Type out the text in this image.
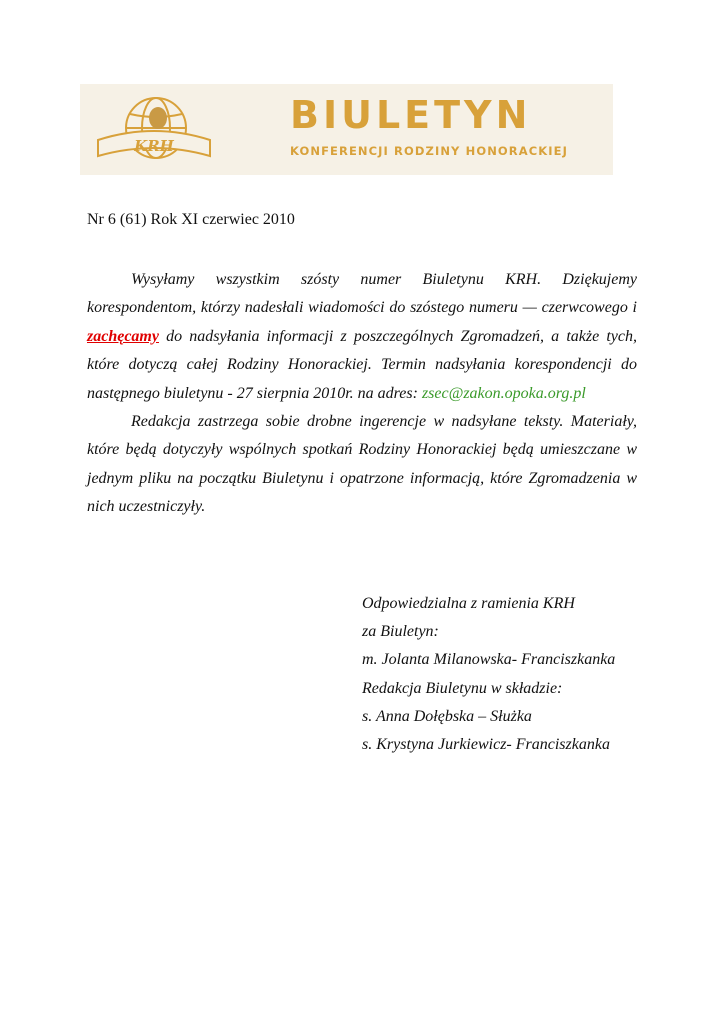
KRH
BIULETYN
KONFERENCJI RODZINY HONORACKIEJ
Nr 6 (61) Rok XI czerwiec 2010

Wysyłamy wszystkim szósty numer Biuletynu KRH. Dziękujemy korespondentom, którzy nadesłali wiadomości do szóstego numeru — czerwcowego i zachęcamy do nadsyłania informacji z poszczególnych Zgromadzeń, a także tych, które dotyczą całej Rodziny Honorackiej. Termin nadsyłania korespondencji do następnego biuletynu - 27 sierpnia 2010r. na adres: zsec@zakon.opoka.org.pl

Redakcja zastrzega sobie drobne ingerencje w nadsyłane teksty. Materiały, które będą dotyczyły wspólnych spotkań Rodziny Honorackiej będą umieszczane w jednym pliku na początku Biuletynu i opatrzone informacją, które Zgromadzenia w nich uczestniczyły.

Odpowiedzialna z ramienia KRH
za Biuletyn:
m. Jolanta Milanowska- Franciszkanka
Redakcja Biuletynu w składzie:
s. Anna Dołębska – Służka
s. Krystyna Jurkiewicz- Franciszkanka
